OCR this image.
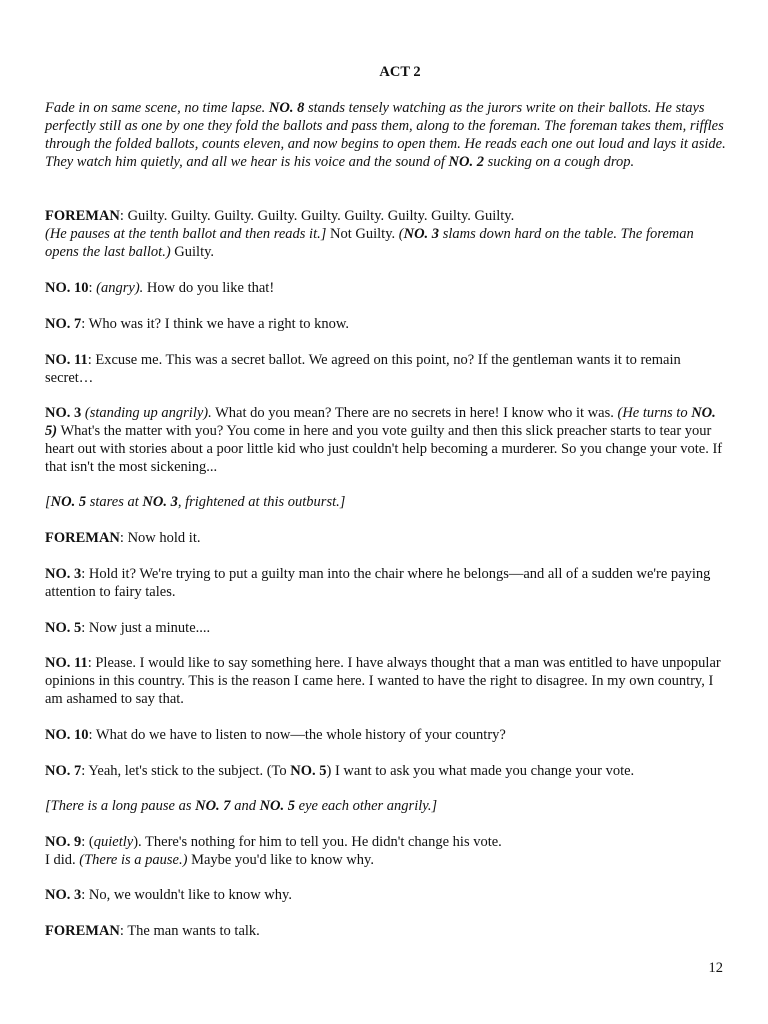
ACT 2

Fade in on same scene, no time lapse. NO. 8 stands tensely watching as the jurors write on their ballots. He stays perfectly still as one by one they fold the ballots and pass them, along to the foreman. The foreman takes them, riffles through the folded ballots, counts eleven, and now begins to open them. He reads each one out loud and lays it aside. They watch him quietly, and all we hear is his voice and the sound of NO. 2 sucking on a cough drop.

FOREMAN: Guilty. Guilty. Guilty. Guilty. Guilty. Guilty. Guilty. Guilty. Guilty.
(He pauses at the tenth ballot and then reads it.] Not Guilty. (NO. 3 slams down hard on the table. The foreman opens the last ballot.) Guilty.

NO. 10: (angry). How do you like that!

NO. 7: Who was it? I think we have a right to know.

NO. 11: Excuse me. This was a secret ballot. We agreed on this point, no? If the gentleman wants it to remain secret…

NO. 3 (standing up angrily). What do you mean? There are no secrets in here! I know who it was. (He turns to NO. 5) What's the matter with you? You come in here and you vote guilty and then this slick preacher starts to tear your heart out with stories about a poor little kid who just couldn't help becoming a murderer. So you change your vote. If that isn't the most sickening...

[NO. 5 stares at NO. 3, frightened at this outburst.]

FOREMAN: Now hold it.

NO. 3: Hold it? We're trying to put a guilty man into the chair where he belongs—and all of a sudden we're paying attention to fairy tales.

NO. 5: Now just a minute....

NO. 11: Please. I would like to say something here. I have always thought that a man was entitled to have unpopular opinions in this country. This is the reason I came here. I wanted to have the right to disagree. In my own country, I am ashamed to say that.

NO. 10: What do we have to listen to now—the whole history of your country?

NO. 7: Yeah, let's stick to the subject. (To NO. 5) I want to ask you what made you change your vote.

[There is a long pause as NO. 7 and NO. 5 eye each other angrily.]

NO. 9: (quietly). There's nothing for him to tell you. He didn't change his vote.
I did. (There is a pause.) Maybe you'd like to know why.

NO. 3: No, we wouldn't like to know why.

FOREMAN: The man wants to talk.

12
